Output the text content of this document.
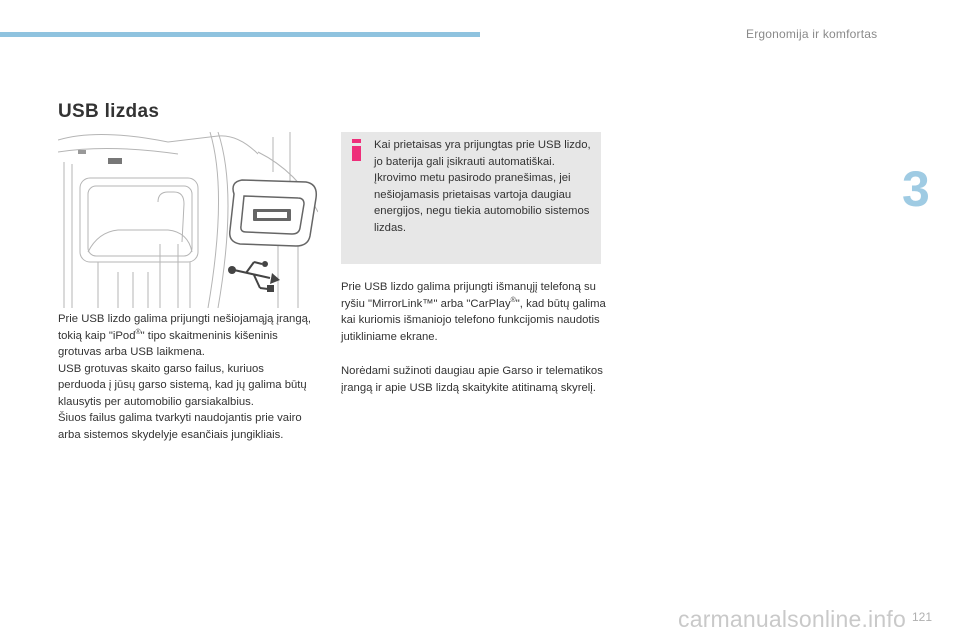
Ergonomija ir komfortas
3
USB lizdas
Prie USB lizdo galima prijungti nešiojamąją įrangą, tokią kaip "iPod®" tipo skaitmeninis kišeninis grotuvas arba USB laikmena.
USB grotuvas skaito garso failus, kuriuos perduoda į jūsų garso sistemą, kad jų galima būtų klausytis per automobilio garsiakalbius.
Šiuos failus galima tvarkyti naudojantis prie vairo arba sistemos skydelyje esančiais jungikliais.
Kai prietaisas yra prijungtas prie USB lizdo, jo baterija gali įsikrauti automatiškai.
Įkrovimo metu pasirodo pranešimas, jei nešiojamasis prietaisas vartoja daugiau energijos, negu tiekia automobilio sistemos lizdas.
Prie USB lizdo galima prijungti išmanųjį telefoną su ryšiu "MirrorLink™" arba "CarPlay®", kad būtų galima kai kuriomis išmaniojo telefono funkcijomis naudotis jutikliniame ekrane.
Norėdami sužinoti daugiau apie Garso ir telematikos įrangą ir apie USB lizdą skaitykite atitinamą skyrelį.
121
carmanualsonline.info
